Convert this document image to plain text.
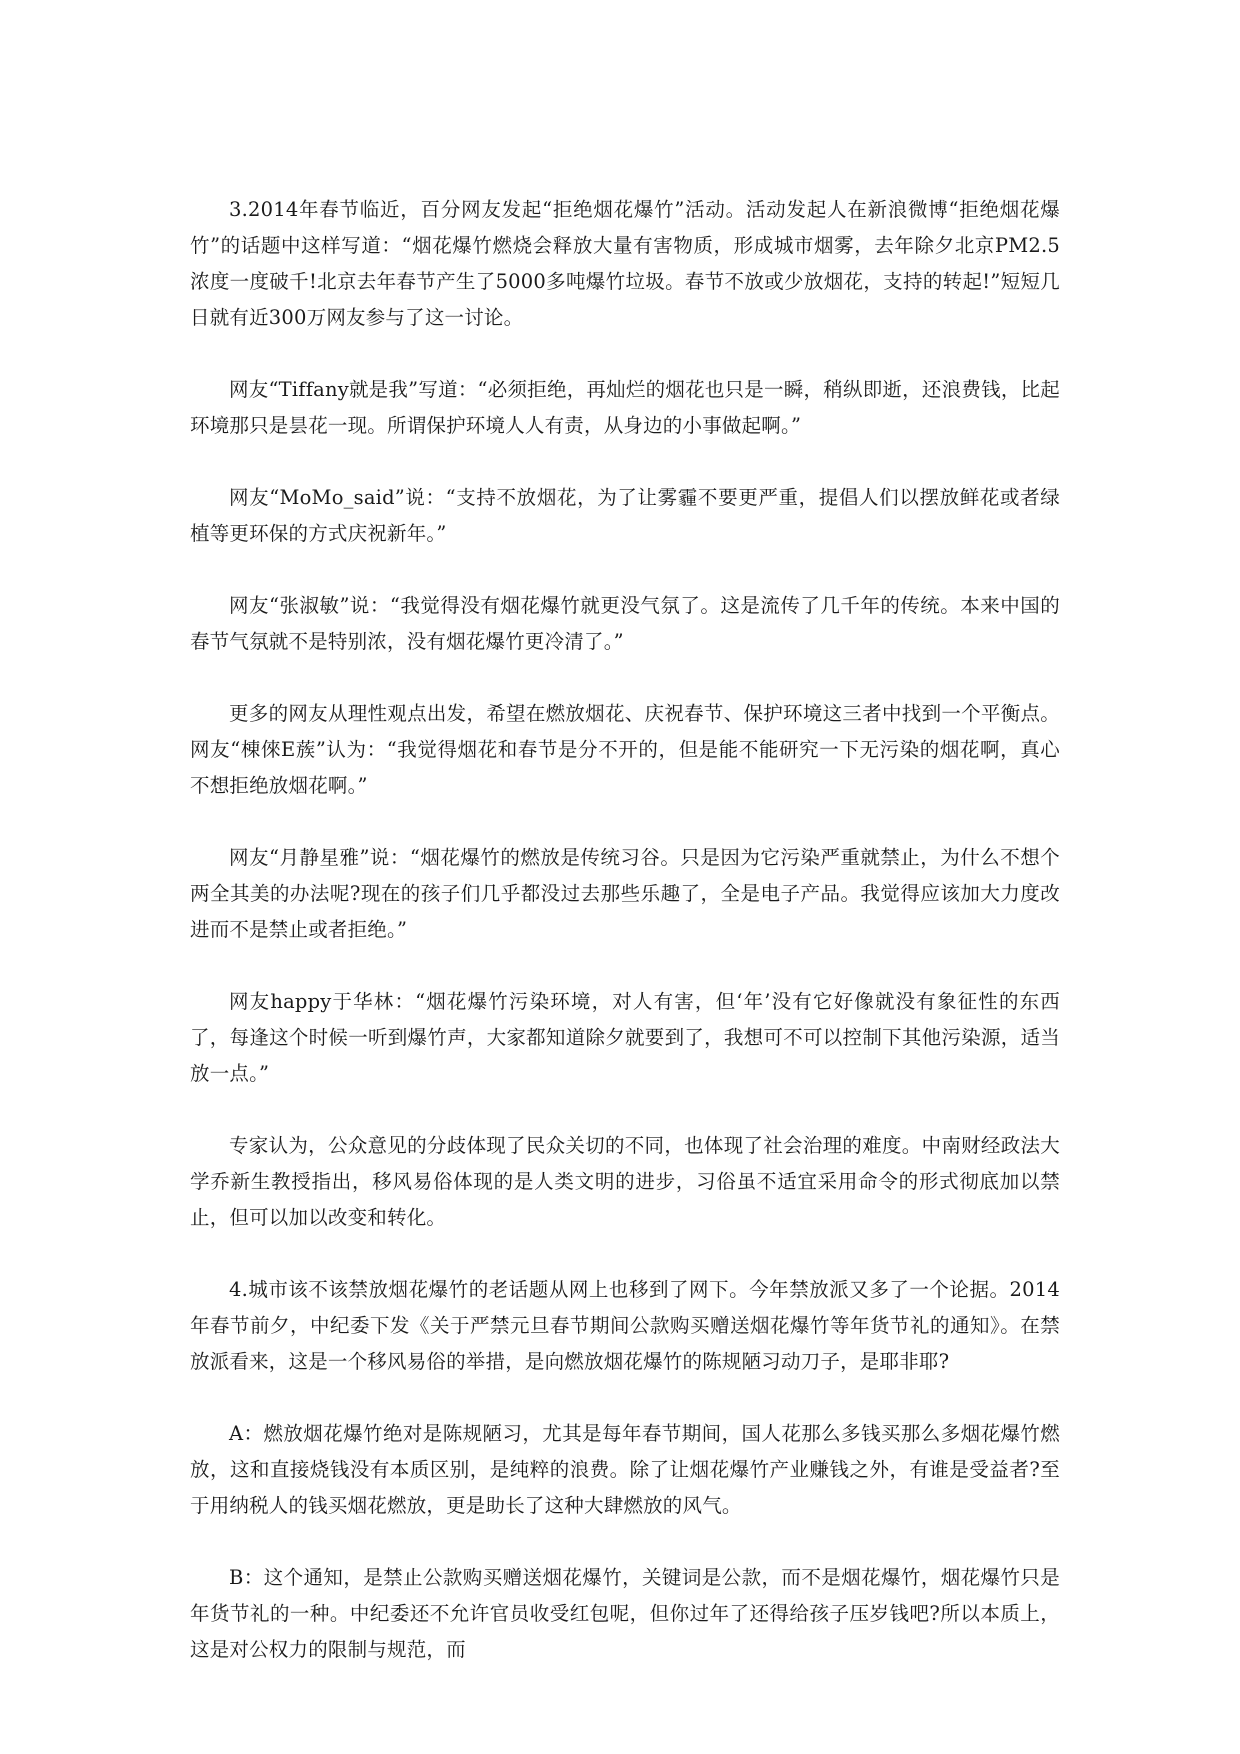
3.2014年春节临近，百分网友发起“拒绝烟花爆竹”活动。活动发起人在新浪微博“拒绝烟花爆竹”的话题中这样写道：“烟花爆竹燃烧会释放大量有害物质，形成城市烟雾，去年除夕北京PM2.5浓度一度破千!北京去年春节产生了5000多吨爆竹垃圾。春节不放或少放烟花，支持的转起!”短短几日就有近300万网友参与了这一讨论。

网友“Tiffany就是我”写道：“必须拒绝，再灿烂的烟花也只是一瞬，稍纵即逝，还浪费钱，比起环境那只是昙花一现。所谓保护环境人人有责，从身边的小事做起啊。”

网友“MoMo_said”说：“支持不放烟花，为了让雾霾不要更严重，提倡人们以摆放鲜花或者绿植等更环保的方式庆祝新年。”

网友“张淑敏”说：“我觉得没有烟花爆竹就更没气氛了。这是流传了几千年的传统。本来中国的春节气氛就不是特别浓，没有烟花爆竹更冷清了。”

更多的网友从理性观点出发，希望在燃放烟花、庆祝春节、保护环境这三者中找到一个平衡点。网友“棟倈E蔟”认为：“我觉得烟花和春节是分不开的，但是能不能研究一下无污染的烟花啊，真心不想拒绝放烟花啊。”

网友“月静星雅”说：“烟花爆竹的燃放是传统习谷。只是因为它污染严重就禁止，为什么不想个两全其美的办法呢?现在的孩子们几乎都没过去那些乐趣了，全是电子产品。我觉得应该加大力度改进而不是禁止或者拒绝。”

网友happy于华林：“烟花爆竹污染环境，对人有害，但‘年’没有它好像就没有象征性的东西了，每逢这个时候一听到爆竹声，大家都知道除夕就要到了，我想可不可以控制下其他污染源，适当放一点。”

专家认为，公众意见的分歧体现了民众关切的不同，也体现了社会治理的难度。中南财经政法大学乔新生教授指出，移风易俗体现的是人类文明的进步，习俗虽不适宜采用命令的形式彻底加以禁止，但可以加以改变和转化。

4.城市该不该禁放烟花爆竹的老话题从网上也移到了网下。今年禁放派又多了一个论据。2014年春节前夕，中纪委下发《关于严禁元旦春节期间公款购买赠送烟花爆竹等年货节礼的通知》。在禁放派看来，这是一个移风易俗的举措，是向燃放烟花爆竹的陈规陋习动刀子，是耶非耶?

A：燃放烟花爆竹绝对是陈规陋习，尤其是每年春节期间，国人花那么多钱买那么多烟花爆竹燃放，这和直接烧钱没有本质区别，是纯粹的浪费。除了让烟花爆竹产业赚钱之外，有谁是受益者?至于用纳税人的钱买烟花燃放，更是助长了这种大肆燃放的风气。

B：这个通知，是禁止公款购买赠送烟花爆竹，关键词是公款，而不是烟花爆竹，烟花爆竹只是年货节礼的一种。中纪委还不允许官员收受红包呢，但你过年了还得给孩子压岁钱吧?所以本质上，这是对公权力的限制与规范，而
